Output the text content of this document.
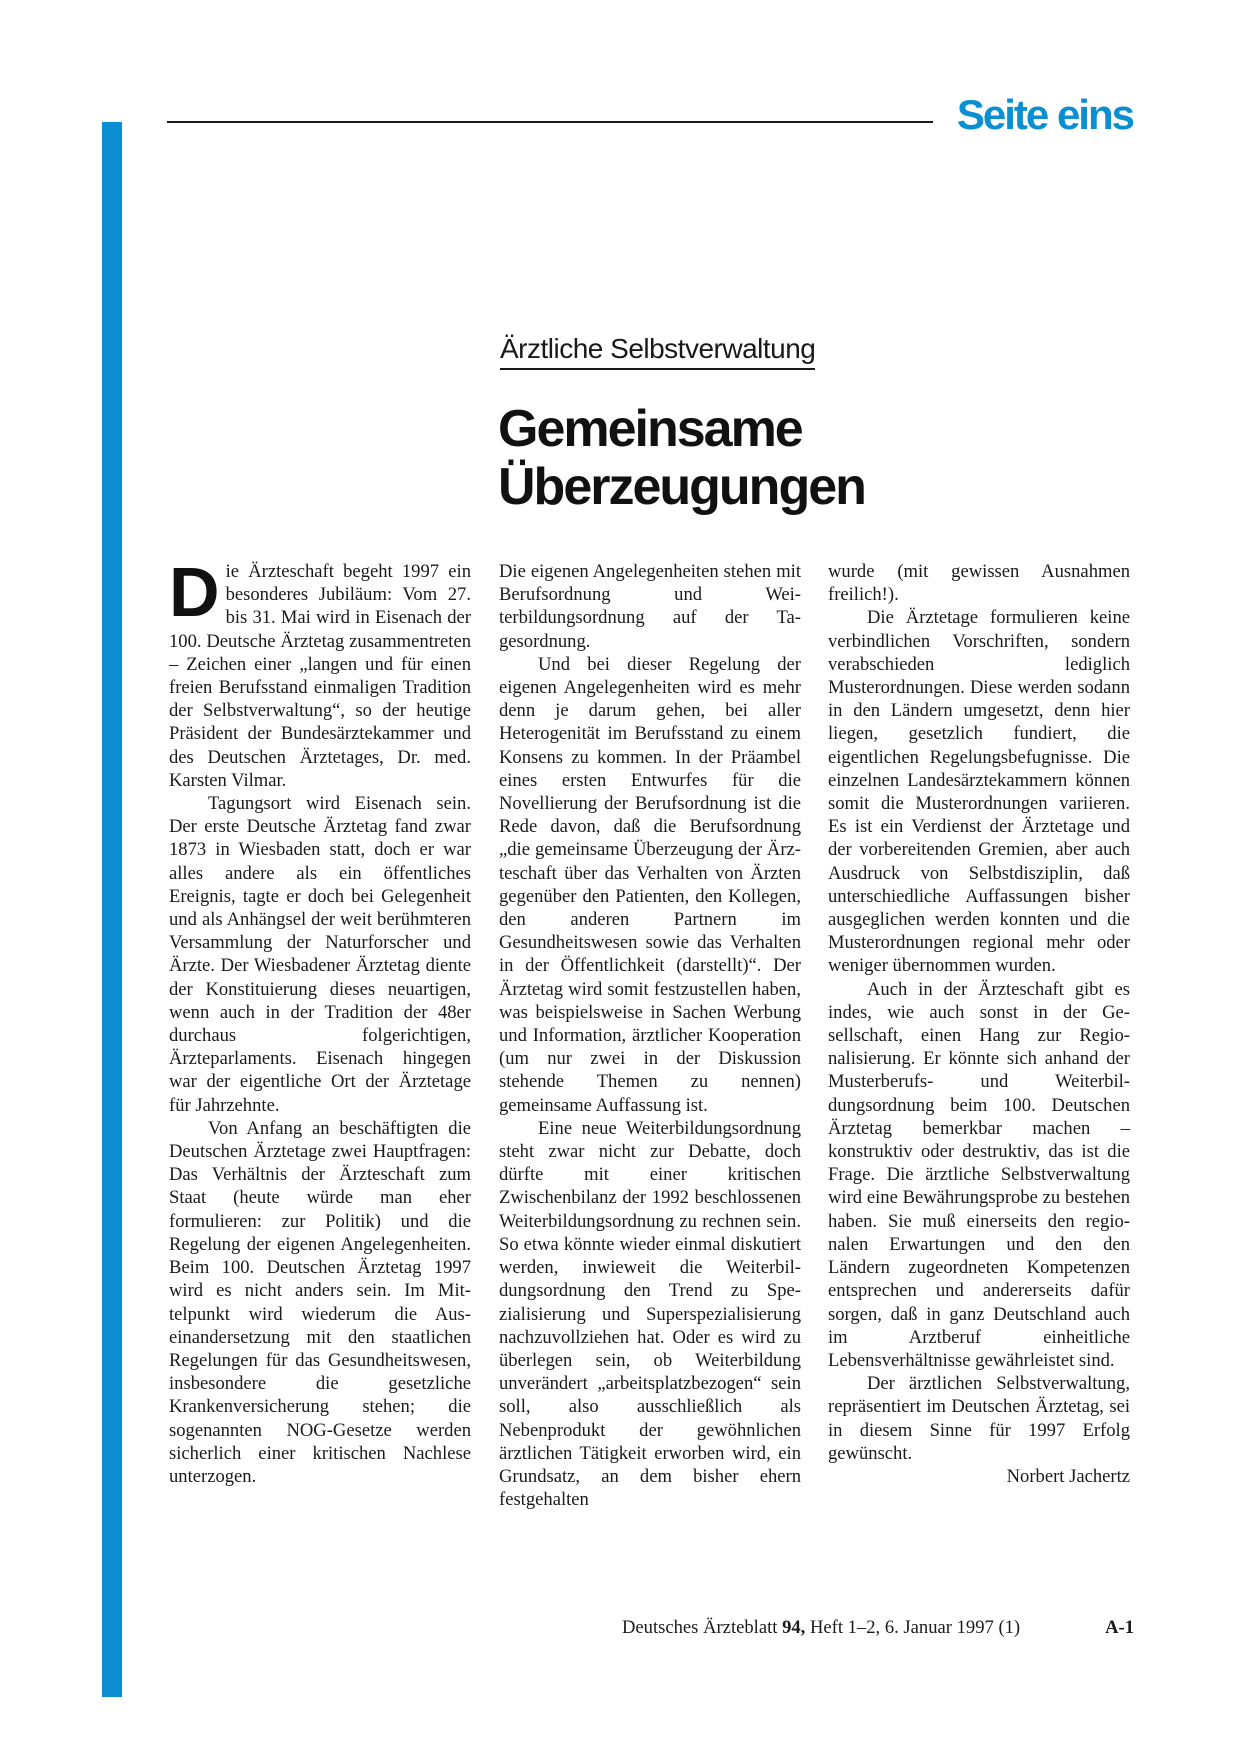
Seite eins
Ärztliche Selbstverwaltung
Gemeinsame
Überzeugungen

Die Ärzteschaft begeht 1997 ein besonderes Jubiläum: Vom 27. bis 31. Mai wird in Eisenach der 100. Deutsche Ärztetag zusammentreten – Zeichen einer „langen und für einen freien Berufsstand einmaligen Tradition der Selbstverwaltung“, so der heutige Präsident der Bundesärztekammer und des Deutschen Ärztetages, Dr. med. Karsten Vilmar.

Tagungsort wird Eisenach sein. Der erste Deutsche Ärztetag fand zwar 1873 in Wiesbaden statt, doch er war alles andere als ein öffentliches Ereignis, tagte er doch bei Gelegenheit und als Anhängsel der weit berühmteren Versammlung der Naturforscher und Ärzte. Der Wiesbadener Ärztetag diente der Konstituierung dieses neuartigen, wenn auch in der Tradition der 48er durchaus folgerichtigen, Ärzteparlaments. Eisenach hingegen war der eigentliche Ort der Ärztetage für Jahrzehnte.

Von Anfang an beschäftigten die Deutschen Ärztetage zwei Hauptfragen: Das Verhältnis der Ärzteschaft zum Staat (heute würde man eher formulieren: zur Politik) und die Regelung der eigenen Angelegenheiten. Beim 100. Deutschen Ärztetag 1997 wird es nicht anders sein. Im Mittelpunkt wird wiederum die Auseinandersetzung mit den staatlichen Regelungen für das Gesundheitswesen, insbesondere die gesetzliche Krankenversicherung stehen; die sogenannten NOG-Gesetze werden sicherlich einer kritischen Nachlese unterzogen.

Die eigenen Angelegenheiten stehen mit Berufsordnung und Weiterbildungsordnung auf der Tagesordnung.

Und bei dieser Regelung der eigenen Angelegenheiten wird es mehr denn je darum gehen, bei aller Heterogenität im Berufsstand zu einem Konsens zu kommen. In der Präambel eines ersten Entwurfes für die Novellierung der Berufsordnung ist die Rede davon, daß die Berufsordnung „die gemeinsame Überzeugung der Ärzteschaft über das Verhalten von Ärzten gegenüber den Patienten, den Kollegen, den anderen Partnern im Gesundheitswesen sowie das Verhalten in der Öffentlichkeit (darstellt)“. Der Ärztetag wird somit festzustellen haben, was beispielsweise in Sachen Werbung und Information, ärztlicher Kooperation (um nur zwei in der Diskussion stehende Themen zu nennen) gemeinsame Auffassung ist.

Eine neue Weiterbildungsordnung steht zwar nicht zur Debatte, doch dürfte mit einer kritischen Zwischenbilanz der 1992 beschlossenen Weiterbildungsordnung zu rechnen sein. So etwa könnte wieder einmal diskutiert werden, inwieweit die Weiterbildungsordnung den Trend zu Spezialisierung und Superspezialisierung nachzuvollziehen hat. Oder es wird zu überlegen sein, ob Weiterbildung unverändert „arbeitsplatzbezogen“ sein soll, also ausschließlich als Nebenprodukt der gewöhnlichen ärztlichen Tätigkeit erworben wird, ein Grundsatz, an dem bisher ehern festgehalten

wurde (mit gewissen Ausnahmen freilich!).

Die Ärztetage formulieren keine verbindlichen Vorschriften, sondern verabschieden lediglich Musterordnungen. Diese werden sodann in den Ländern umgesetzt, denn hier liegen, gesetzlich fundiert, die eigentlichen Regelungsbefugnisse. Die einzelnen Landesärztekammern können somit die Musterordnungen variieren. Es ist ein Verdienst der Ärztetage und der vorbereitenden Gremien, aber auch Ausdruck von Selbstdisziplin, daß unterschiedliche Auffassungen bisher ausgeglichen werden konnten und die Musterordnungen regional mehr oder weniger übernommen wurden.

Auch in der Ärzteschaft gibt es indes, wie auch sonst in der Gesellschaft, einen Hang zur Regionalisierung. Er könnte sich anhand der Musterberufs- und Weiterbildungsordnung beim 100. Deutschen Ärztetag bemerkbar machen – konstruktiv oder destruktiv, das ist die Frage. Die ärztliche Selbstverwaltung wird eine Bewährungsprobe zu bestehen haben. Sie muß einerseits den regionalen Erwartungen und den den Ländern zugeordneten Kompetenzen entsprechen und andererseits dafür sorgen, daß in ganz Deutschland auch im Arztberuf einheitliche Lebensverhältnisse gewährleistet sind.

Der ärztlichen Selbstverwaltung, repräsentiert im Deutschen Ärztetag, sei in diesem Sinne für 1997 Erfolg gewünscht.

Norbert Jachertz

Deutsches Ärzteblatt 94, Heft 1–2, 6. Januar 1997 (1)	A-1
